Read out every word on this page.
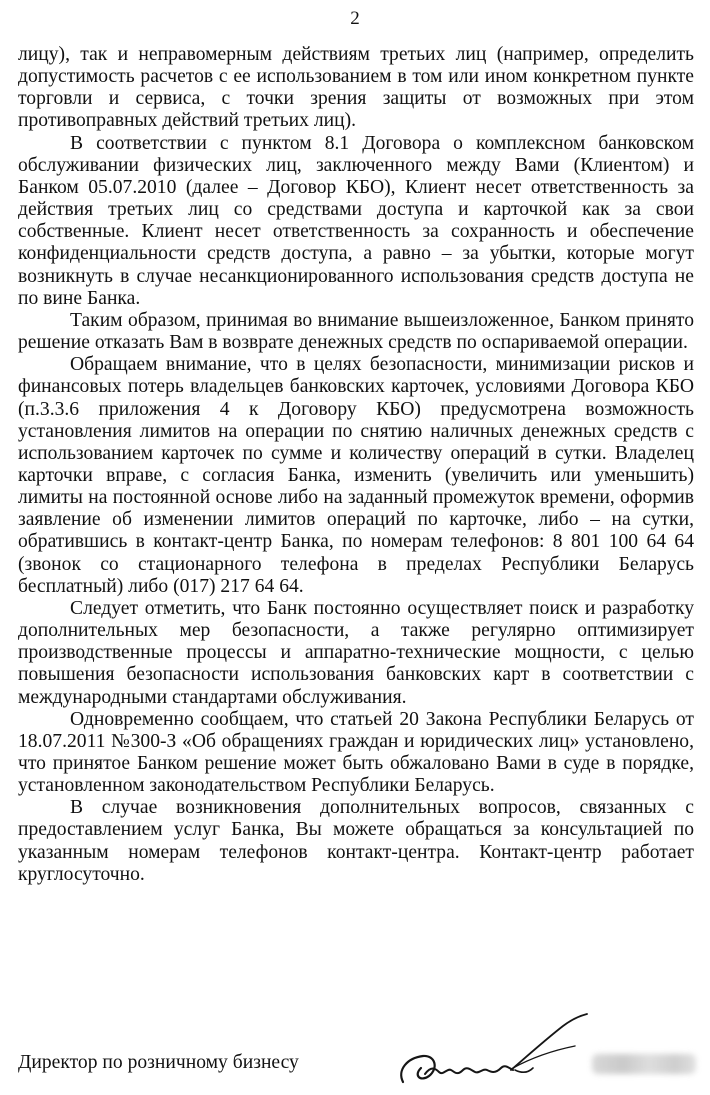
2

лицу), так и неправомерным действиям третьих лиц (например, определить допустимость расчетов с ее использованием в том или ином конкретном пункте торговли и сервиса, с точки зрения защиты от возможных при этом противоправных действий третьих лиц).

В соответствии с пунктом 8.1 Договора о комплексном банковском обслуживании физических лиц, заключенного между Вами (Клиентом) и Банком 05.07.2010 (далее – Договор КБО), Клиент несет ответственность за действия третьих лиц со средствами доступа и карточкой как за свои собственные. Клиент несет ответственность за сохранность и обеспечение конфиденциальности средств доступа, а равно – за убытки, которые могут возникнуть в случае несанкционированного использования средств доступа не по вине Банка.

Таким образом, принимая во внимание вышеизложенное, Банком принято решение отказать Вам в возврате денежных средств по оспариваемой операции.

Обращаем внимание, что в целях безопасности, минимизации рисков и финансовых потерь владельцев банковских карточек, условиями Договора КБО (п.3.3.6 приложения 4 к Договору КБО) предусмотрена возможность установления лимитов на операции по снятию наличных денежных средств с использованием карточек по сумме и количеству операций в сутки. Владелец карточки вправе, с согласия Банка, изменить (увеличить или уменьшить) лимиты на постоянной основе либо на заданный промежуток времени, оформив заявление об изменении лимитов операций по карточке, либо – на сутки, обратившись в контакт-центр Банка, по номерам телефонов: 8 801 100 64 64 (звонок со стационарного телефона в пределах Республики Беларусь бесплатный) либо (017) 217 64 64.

Следует отметить, что Банк постоянно осуществляет поиск и разработку дополнительных мер безопасности, а также регулярно оптимизирует производственные процессы и аппаратно-технические мощности, с целью повышения безопасности использования банковских карт в соответствии с международными стандартами обслуживания.

Одновременно сообщаем, что статьей 20 Закона Республики Беларусь от 18.07.2011 №300-З «Об обращениях граждан и юридических лиц» установлено, что принятое Банком решение может быть обжаловано Вами в суде в порядке, установленном законодательством Республики Беларусь.

В случае возникновения дополнительных вопросов, связанных с предоставлением услуг Банка, Вы можете обращаться за консультацией по указанным номерам телефонов контакт-центра. Контакт-центр работает круглосуточно.

Директор по розничному бизнесу
